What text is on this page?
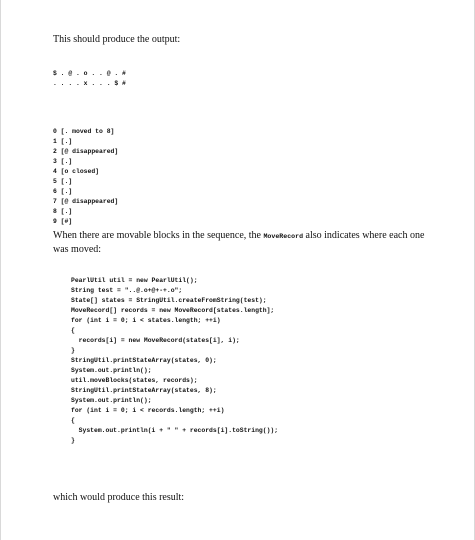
This should produce the output:

$ . @ . o . . @ . #
. . . . x . . . $ #
0 [. moved to 8]
1 [.]
2 [@ disappeared]
3 [.]
4 [o closed]
5 [.]
6 [.]
7 [@ disappeared]
8 [.]
9 [#]

When there are movable blocks in the sequence, the MoveRecord also indicates where each one was moved:

PearlUtil util = new PearlUtil();
String test = "..@.o+@+-+.o";
State[] states = StringUtil.createFromString(test);
MoveRecord[] records = new MoveRecord[states.length];
for (int i = 0; i < states.length; ++i)
{
records[i] = new MoveRecord(states[i], i);
}
StringUtil.printStateArray(states, 0);
System.out.println();
util.moveBlocks(states, records);
StringUtil.printStateArray(states, 8);
System.out.println();
for (int i = 0; i < records.length; ++i)
{
System.out.println(i + " " + records[i].toString());
}

which would produce this result:
